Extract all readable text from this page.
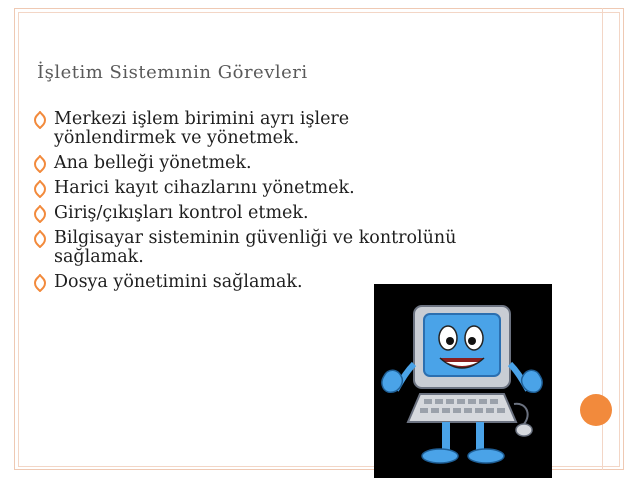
İşletim Sistemınin Görevleri
Merkezi işlem birimini ayrı işlere yönlendirmek ve yönetmek.
Ana belleği yönetmek.
Harici kayıt cihazlarını yönetmek.
Giriş/çıkışları kontrol etmek.
Bilgisayar sisteminin güvenliği ve kontrolünü sağlamak.
Dosya yönetimini sağlamak.
